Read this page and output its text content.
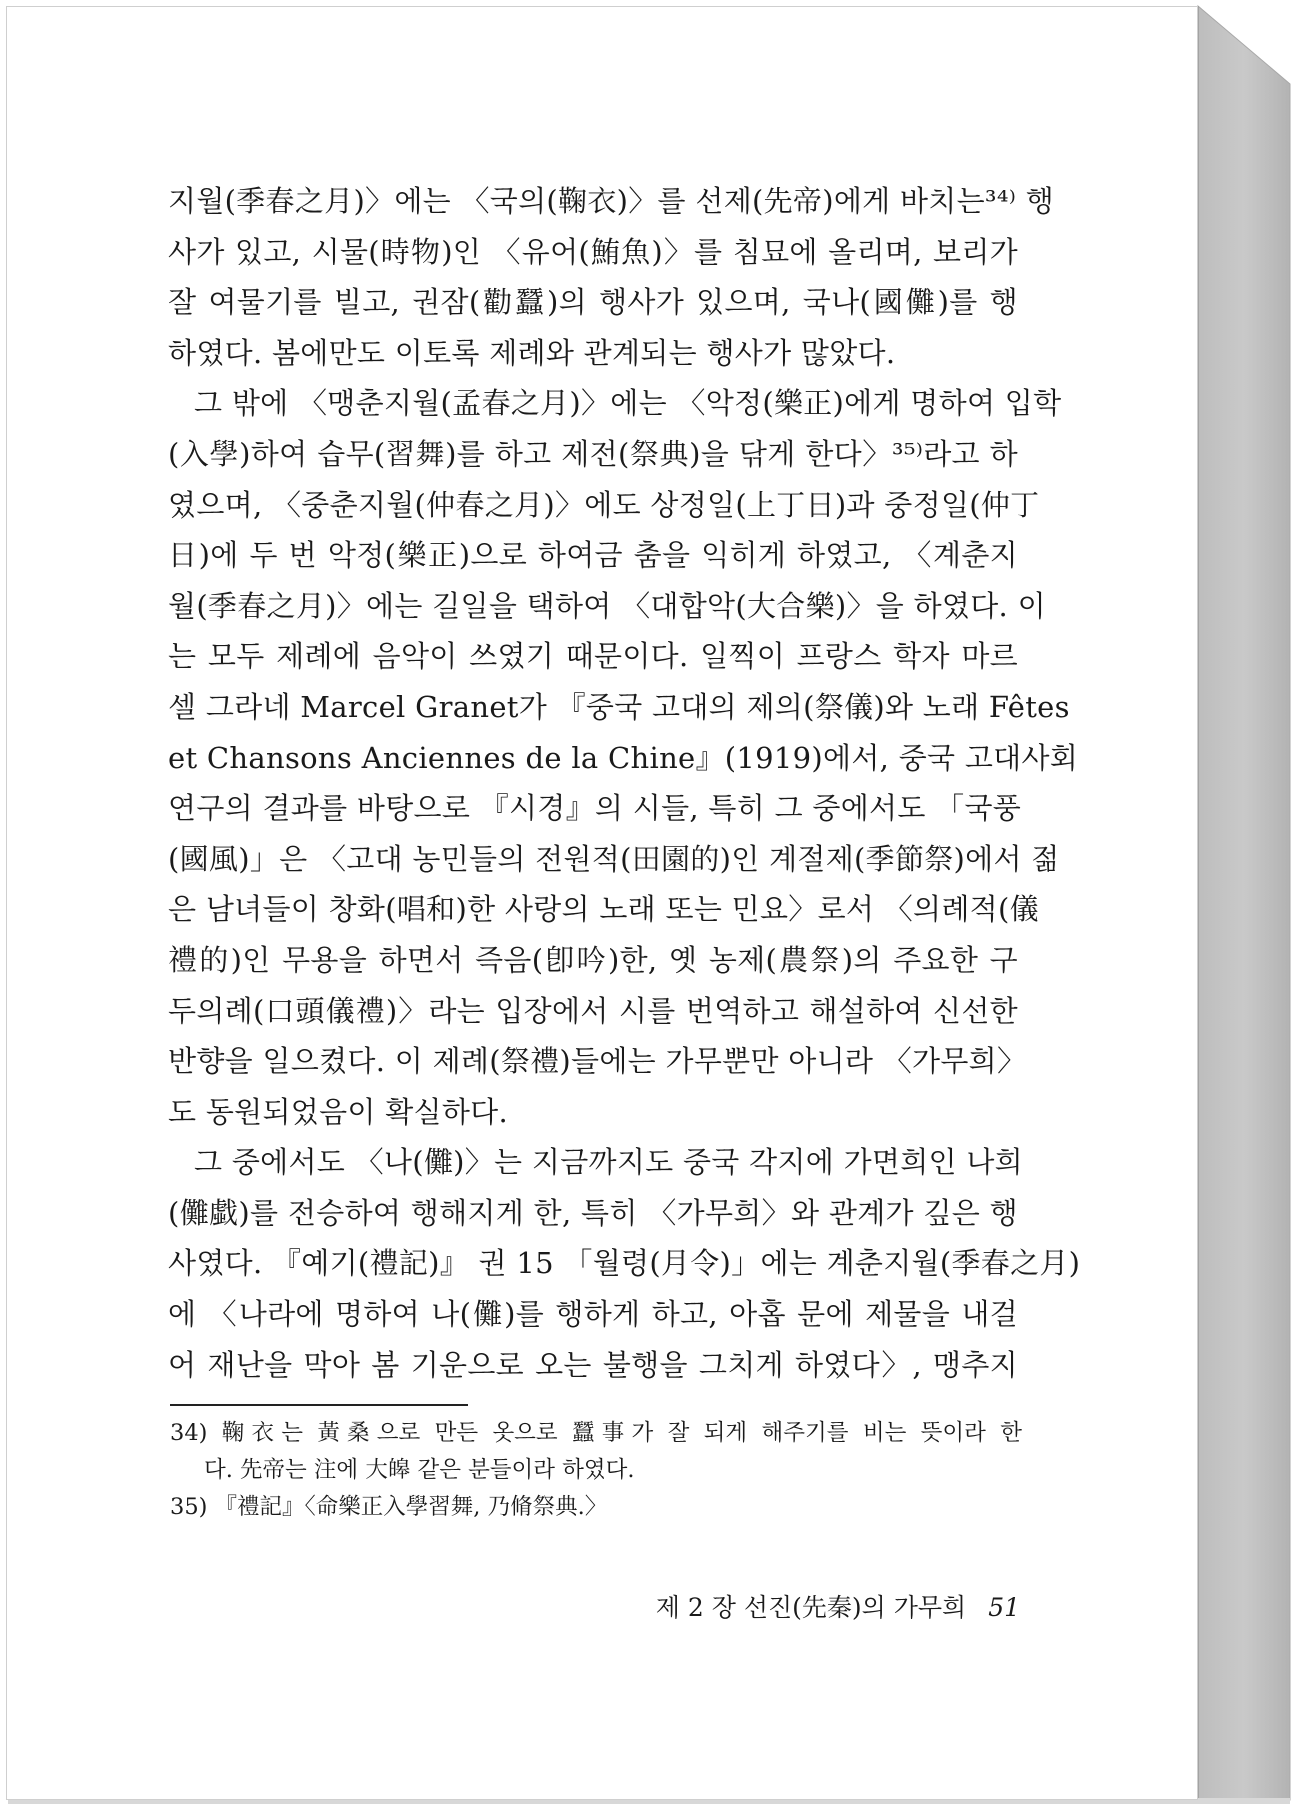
지월(季春之月)〉에는 〈국의(鞠衣)〉를 선제(先帝)에게 바치는³⁴⁾ 행
사가 있고, 시물(時物)인 〈유어(鮪魚)〉를 침묘에 올리며, 보리가
잘 여물기를 빌고, 권잠(勸蠶)의 행사가 있으며, 국나(國儺)를 행
하였다. 봄에만도 이토록 제례와 관계되는 행사가 많았다.
그 밖에 〈맹춘지월(孟春之月)〉에는 〈악정(樂正)에게 명하여 입학
(入學)하여 습무(習舞)를 하고 제전(祭典)을 닦게 한다〉³⁵⁾라고 하
였으며, 〈중춘지월(仲春之月)〉에도 상정일(上丁日)과 중정일(仲丁
日)에 두 번 악정(樂正)으로 하여금 춤을 익히게 하였고, 〈계춘지
월(季春之月)〉에는 길일을 택하여 〈대합악(大合樂)〉을 하였다. 이
는 모두 제례에 음악이 쓰였기 때문이다. 일찍이 프랑스 학자 마르
셀 그라네 Marcel Granet가 『중국 고대의 제의(祭儀)와 노래 Fêtes
et Chansons Anciennes de la Chine』(1919)에서, 중국 고대사회
연구의 결과를 바탕으로 『시경』의 시들, 특히 그 중에서도 「국풍
(國風)」은 〈고대 농민들의 전원적(田園的)인 계절제(季節祭)에서 젊
은 남녀들이 창화(唱和)한 사랑의 노래 또는 민요〉로서 〈의례적(儀
禮的)인 무용을 하면서 즉음(卽吟)한, 옛 농제(農祭)의 주요한 구
두의례(口頭儀禮)〉라는 입장에서 시를 번역하고 해설하여 신선한
반향을 일으켰다. 이 제례(祭禮)들에는 가무뿐만 아니라 〈가무희〉
도 동원되었음이 확실하다.
그 중에서도 〈나(儺)〉는 지금까지도 중국 각지에 가면희인 나희
(儺戱)를 전승하여 행해지게 한, 특히 〈가무희〉와 관계가 깊은 행
사였다. 『예기(禮記)』 권 15 「월령(月令)」에는 계춘지월(季春之月)
에 〈나라에 명하여 나(儺)를 행하게 하고, 아홉 문에 제물을 내걸
어 재난을 막아 봄 기운으로 오는 불행을 그치게 하였다〉, 맹추지
34) 鞠衣는 黃桑으로 만든 옷으로 蠶事가 잘 되게 해주기를 비는 뜻이라 한
다. 先帝는 注에 大皞 같은 분들이라 하였다.
35) 『禮記』〈命樂正入學習舞, 乃脩祭典.〉
제 2 장 선진(先秦)의 가무희 51
